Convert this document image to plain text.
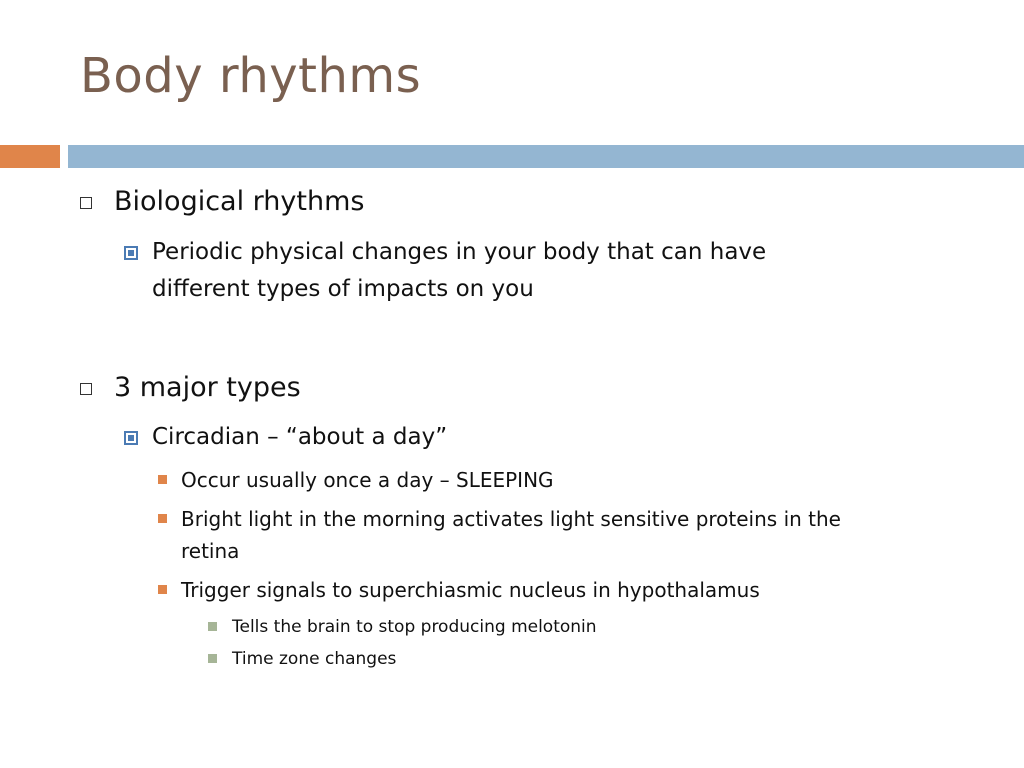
Body rhythms
Biological rhythms
Periodic physical changes in your body that can have
different types of impacts on you
3 major types
Circadian – “about a day”
Occur usually once a day – SLEEPING
Bright light in the morning activates light sensitive proteins in the
retina
Trigger signals to superchiasmic nucleus in hypothalamus
Tells the brain to stop producing melotonin
Time zone changes
